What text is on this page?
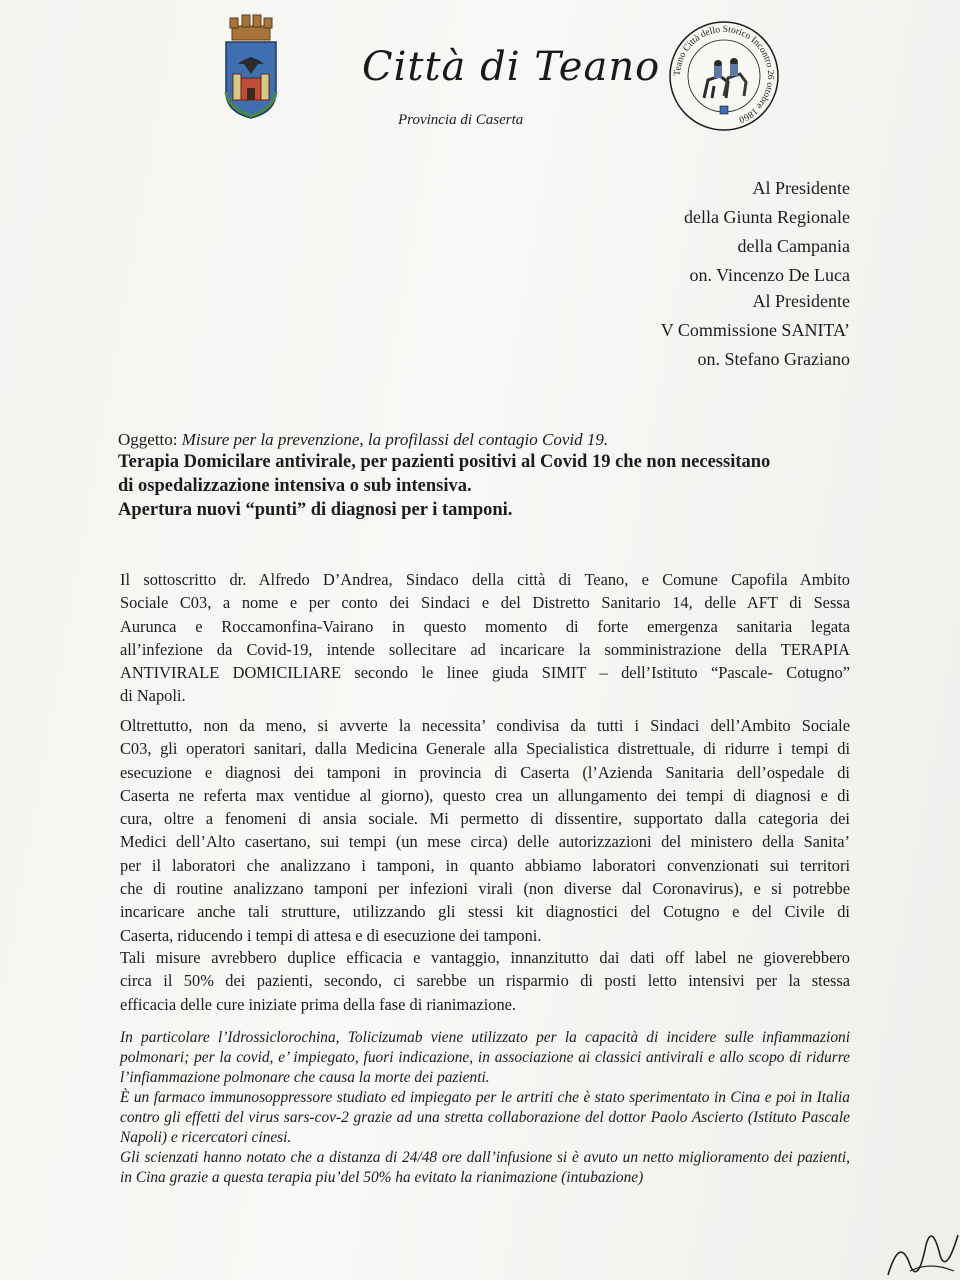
Città di Teano
Provincia di Caserta
Teano Città dello Storico Incontro 26 ottobre 1860
Al Presidente
della Giunta Regionale
della Campania
on. Vincenzo De Luca
Al Presidente
V Commissione SANITA’
on. Stefano Graziano
Oggetto: Misure per la prevenzione, la profilassi del contagio Covid 19.
Terapia Domicilare antivirale, per pazienti positivi al Covid 19 che non necessitano
di ospedalizzazione intensiva o sub intensiva.
Apertura nuovi “punti” di diagnosi per i tamponi.
Il sottoscritto dr. Alfredo D’Andrea, Sindaco della città di Teano, e Comune Capofila Ambito
Sociale C03, a nome e per conto dei Sindaci e del Distretto Sanitario 14, delle AFT di Sessa
Aurunca e Roccamonfina-Vairano in questo momento di forte emergenza sanitaria legata
all’infezione da Covid-19, intende sollecitare ad incaricare la somministrazione della TERAPIA
ANTIVIRALE DOMICILIARE secondo le linee giuda SIMIT – dell’Istituto “Pascale- Cotugno”
di Napoli.
Oltrettutto, non da meno, si avverte la necessita’ condivisa da tutti i Sindaci dell’Ambito Sociale
C03, gli operatori sanitari, dalla Medicina Generale alla Specialistica distrettuale, di ridurre i tempi di
esecuzione e diagnosi dei tamponi in provincia di Caserta (l’Azienda Sanitaria dell’ospedale di
Caserta ne referta max ventidue al giorno), questo crea un allungamento dei tempi di diagnosi e di
cura, oltre a fenomeni di ansia sociale. Mi permetto di dissentire, supportato dalla categoria dei
Medici dell’Alto casertano, sui tempi (un mese circa) delle autorizzazioni del ministero della Sanita’
per il laboratori che analizzano i tamponi, in quanto abbiamo laboratori convenzionati sui territori
che di routine analizzano tamponi per infezioni virali (non diverse dal Coronavirus), e si potrebbe
incaricare anche tali strutture, utilizzando gli stessi kit diagnostici del Cotugno e del Civile di
Caserta, riducendo i tempi di attesa e di esecuzione dei tamponi.
Tali misure avrebbero duplice efficacia e vantaggio, innanzitutto dai dati off label ne gioverebbero
circa il 50% dei pazienti, secondo, ci sarebbe un risparmio di posti letto intensivi per la stessa
efficacia delle cure iniziate prima della fase di rianimazione.
In particolare l’Idrossiclorochina, Tolicizumab viene utilizzato per la capacità di incidere sulle infiammazioni
polmonari; per la covid, e’ impiegato, fuori indicazione, in associazione ai classici antivirali e allo scopo di ridurre
l’infiammazione polmonare che causa la morte dei pazienti.
È un farmaco immunosoppressore studiato ed impiegato per le artriti che è stato sperimentato in Cina e poi in Italia
contro gli effetti del virus sars-cov-2 grazie ad una stretta collaborazione del dottor Paolo Ascierto (Istituto Pascale
Napoli) e ricercatori cinesi.
Gli scienzati hanno notato che a distanza di 24/48 ore dall’infusione si è avuto un netto miglioramento dei pazienti,
in Cina grazie a questa terapia piu’del 50% ha evitato la rianimazione (intubazione)
